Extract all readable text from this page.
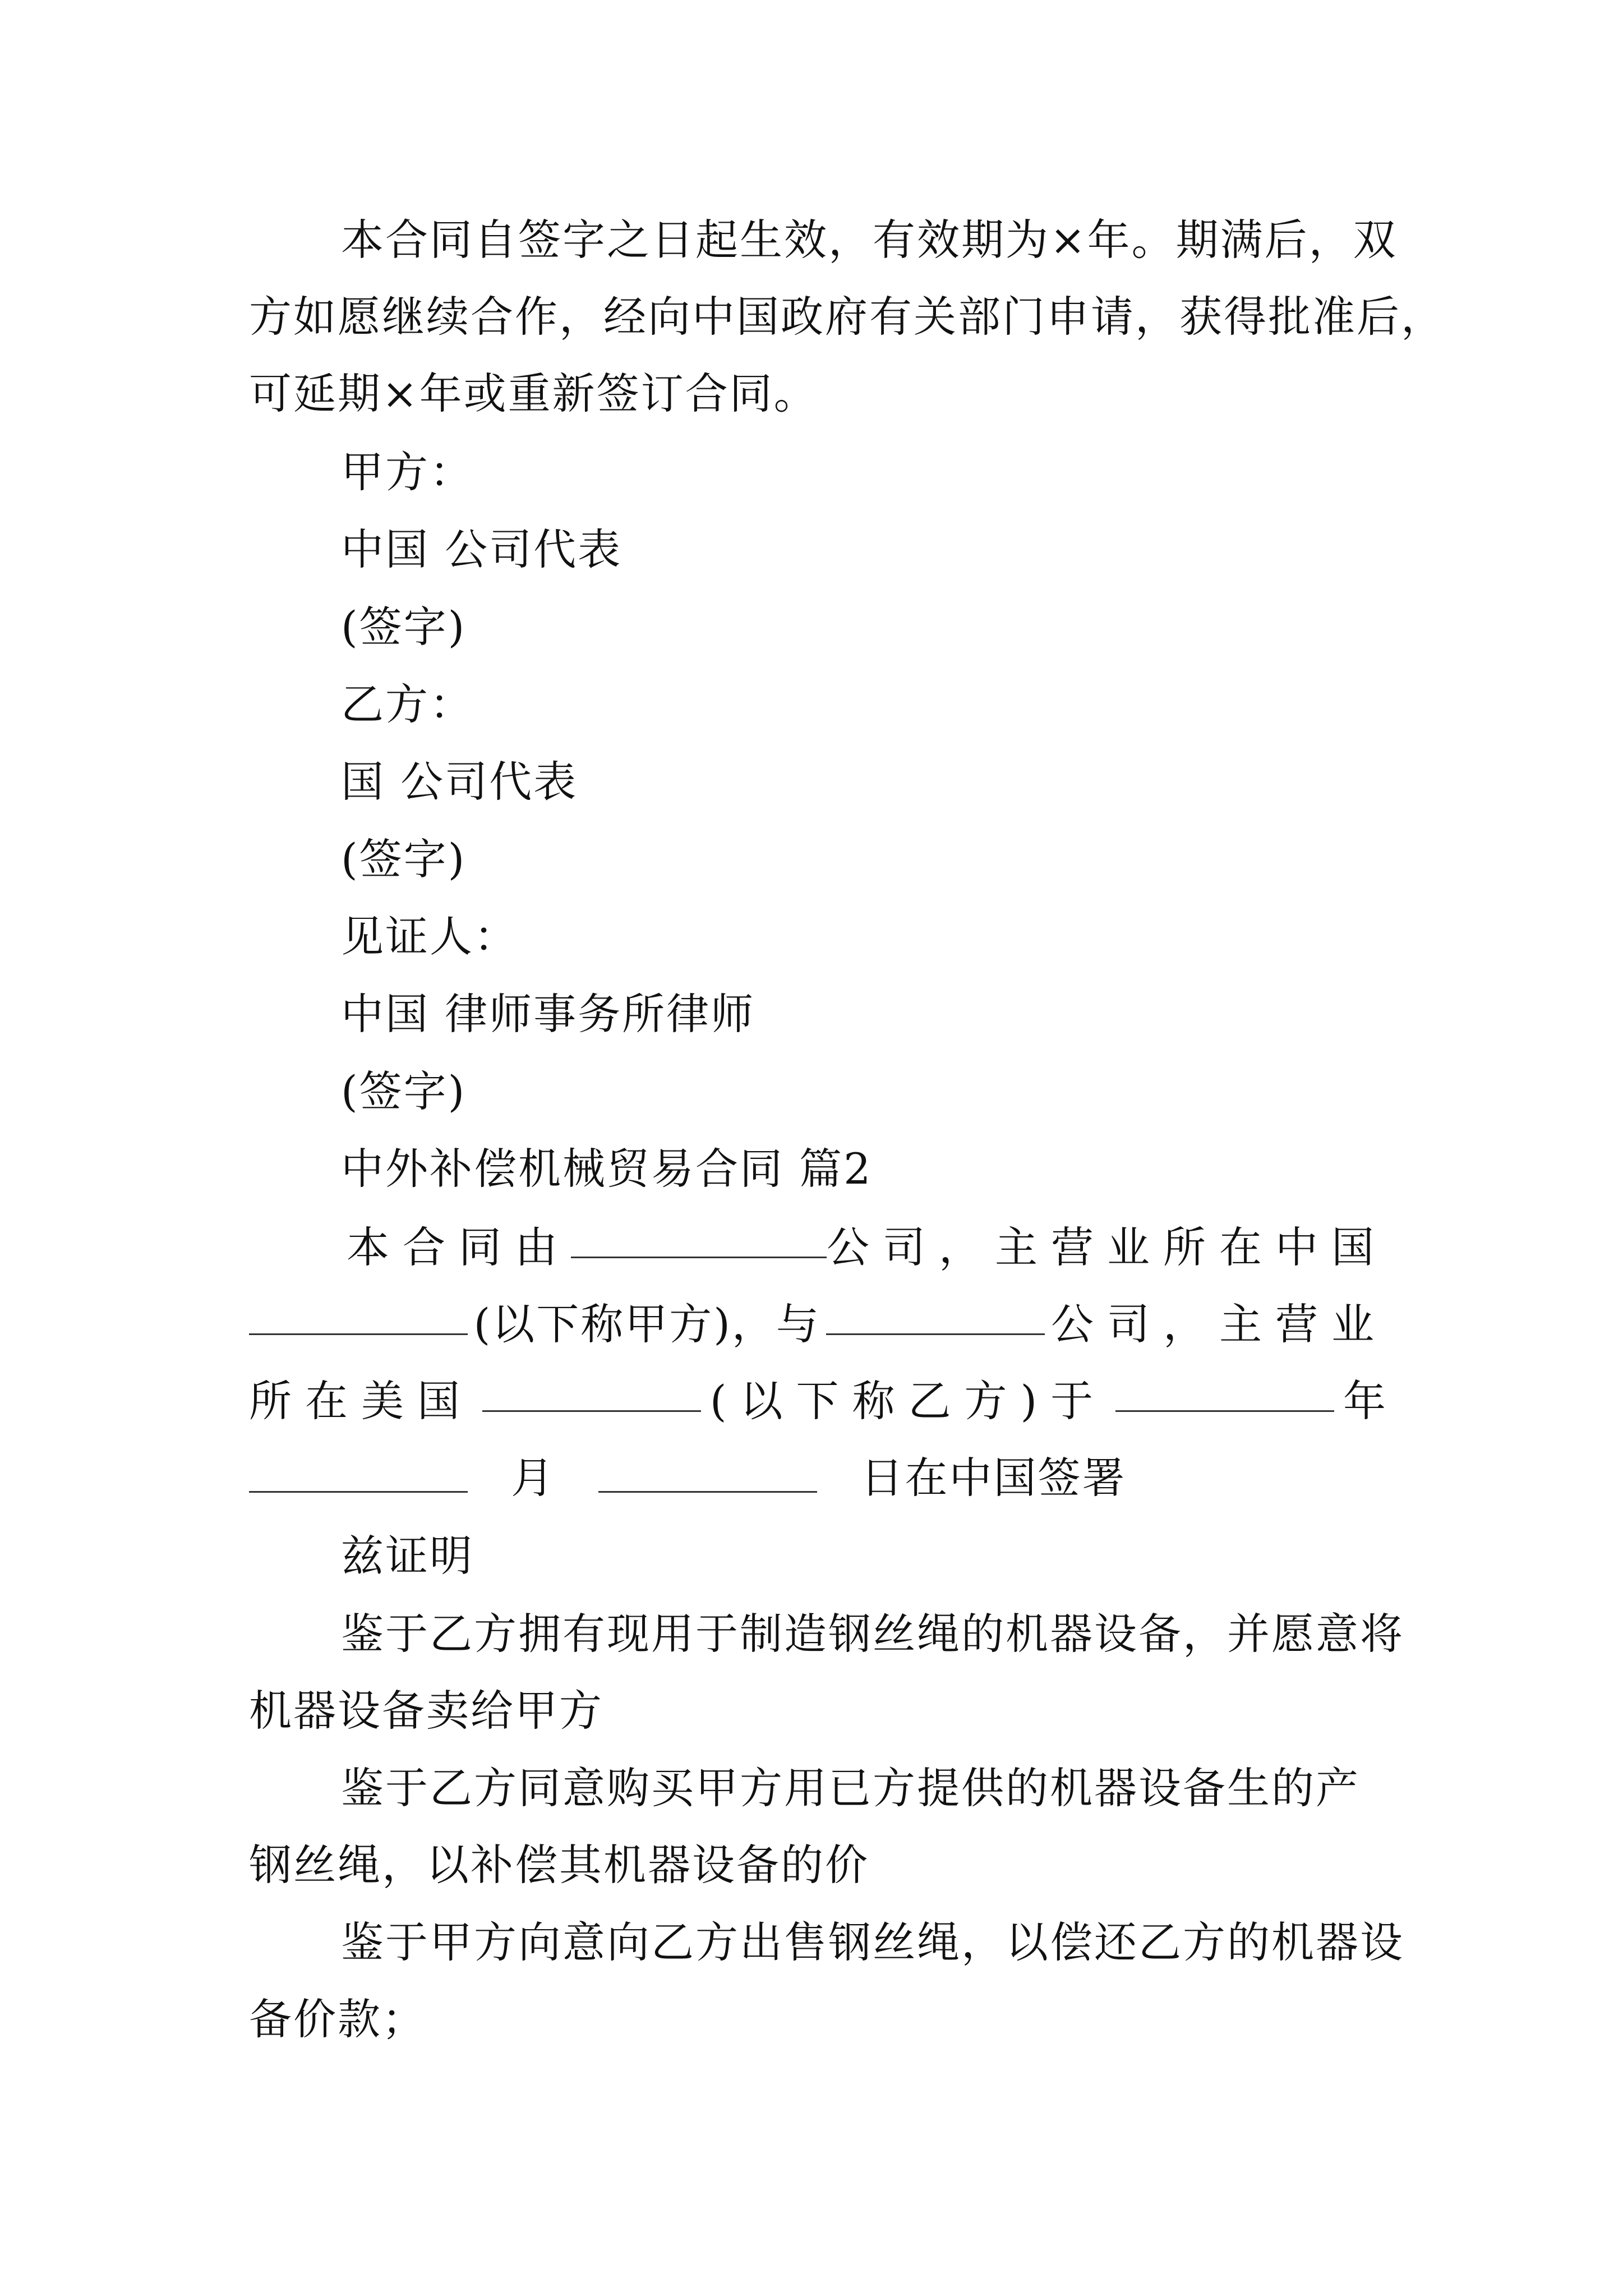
本合同自签字之日起生效，有效期为×年。期满后，双
方如愿继续合作，经向中国政府有关部门申请，获得批准后，
可延期×年或重新签订合同。
甲方：
中国 公司代表
(签字)
乙方：
国 公司代表
(签字)
见证人：
中国 律师事务所律师
(签字)
中外补偿机械贸易合同 篇2
本合同由	公司，主营业所在中国
(以下称甲方)，与	公司，主营业
所在美国	(以下称乙方)于	年
月	日在中国签署
兹证明
鉴于乙方拥有现用于制造钢丝绳的机器设备，并愿意将
机器设备卖给甲方
鉴于乙方同意购买甲方用已方提供的机器设备生的产
钢丝绳，以补偿其机器设备的价
鉴于甲方向意向乙方出售钢丝绳，以偿还乙方的机器设
备价款；
